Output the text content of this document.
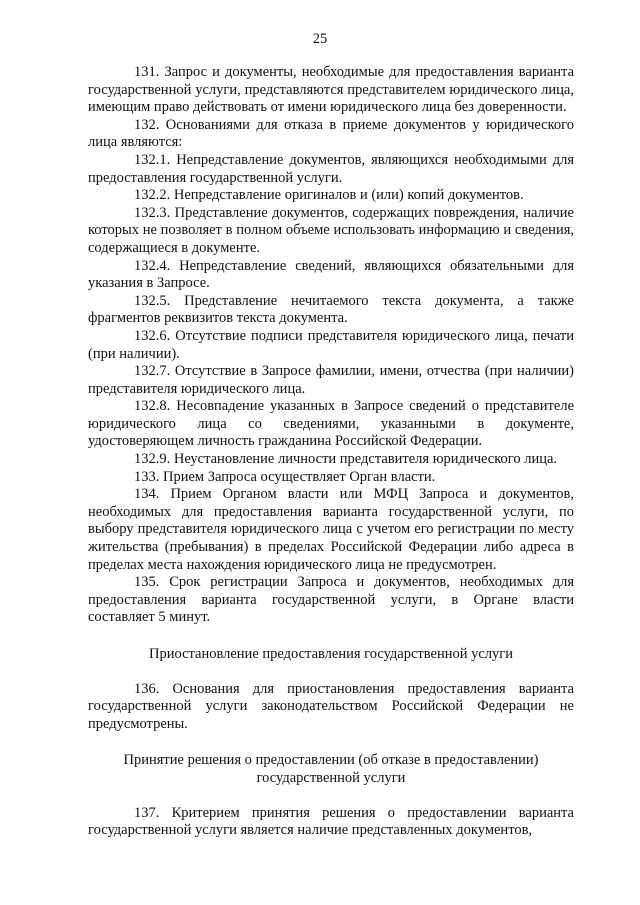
25

131. Запрос и документы, необходимые для предоставления варианта государственной услуги, представляются представителем юридического лица, имеющим право действовать от имени юридического лица без доверенности.

132. Основаниями для отказа в приеме документов у юридического лица являются:

132.1. Непредставление документов, являющихся необходимыми для предоставления государственной услуги.

132.2. Непредставление оригиналов и (или) копий документов.

132.3. Представление документов, содержащих повреждения, наличие которых не позволяет в полном объеме использовать информацию и сведения, содержащиеся в документе.

132.4. Непредставление сведений, являющихся обязательными для указания в Запросе.

132.5. Представление нечитаемого текста документа, а также фрагментов реквизитов текста документа.

132.6. Отсутствие подписи представителя юридического лица, печати (при наличии).

132.7. Отсутствие в Запросе фамилии, имени, отчества (при наличии) представителя юридического лица.

132.8. Несовпадение указанных в Запросе сведений о представителе юридического лица со сведениями, указанными в документе, удостоверяющем личность гражданина Российской Федерации.

132.9. Неустановление личности представителя юридического лица.

133. Прием Запроса осуществляет Орган власти.

134. Прием Органом власти или МФЦ Запроса и документов, необходимых для предоставления варианта государственной услуги, по выбору представителя юридического лица с учетом его регистрации по месту жительства (пребывания) в пределах Российской Федерации либо адреса в пределах места нахождения юридического лица не предусмотрен.

135. Срок регистрации Запроса и документов, необходимых для предоставления варианта государственной услуги, в Органе власти составляет 5 минут.

Приостановление предоставления государственной услуги

136. Основания для приостановления предоставления варианта государственной услуги законодательством Российской Федерации не предусмотрены.

Принятие решения о предоставлении (об отказе в предоставлении)
государственной услуги

137. Критерием принятия решения о предоставлении варианта государственной услуги является наличие представленных документов,
